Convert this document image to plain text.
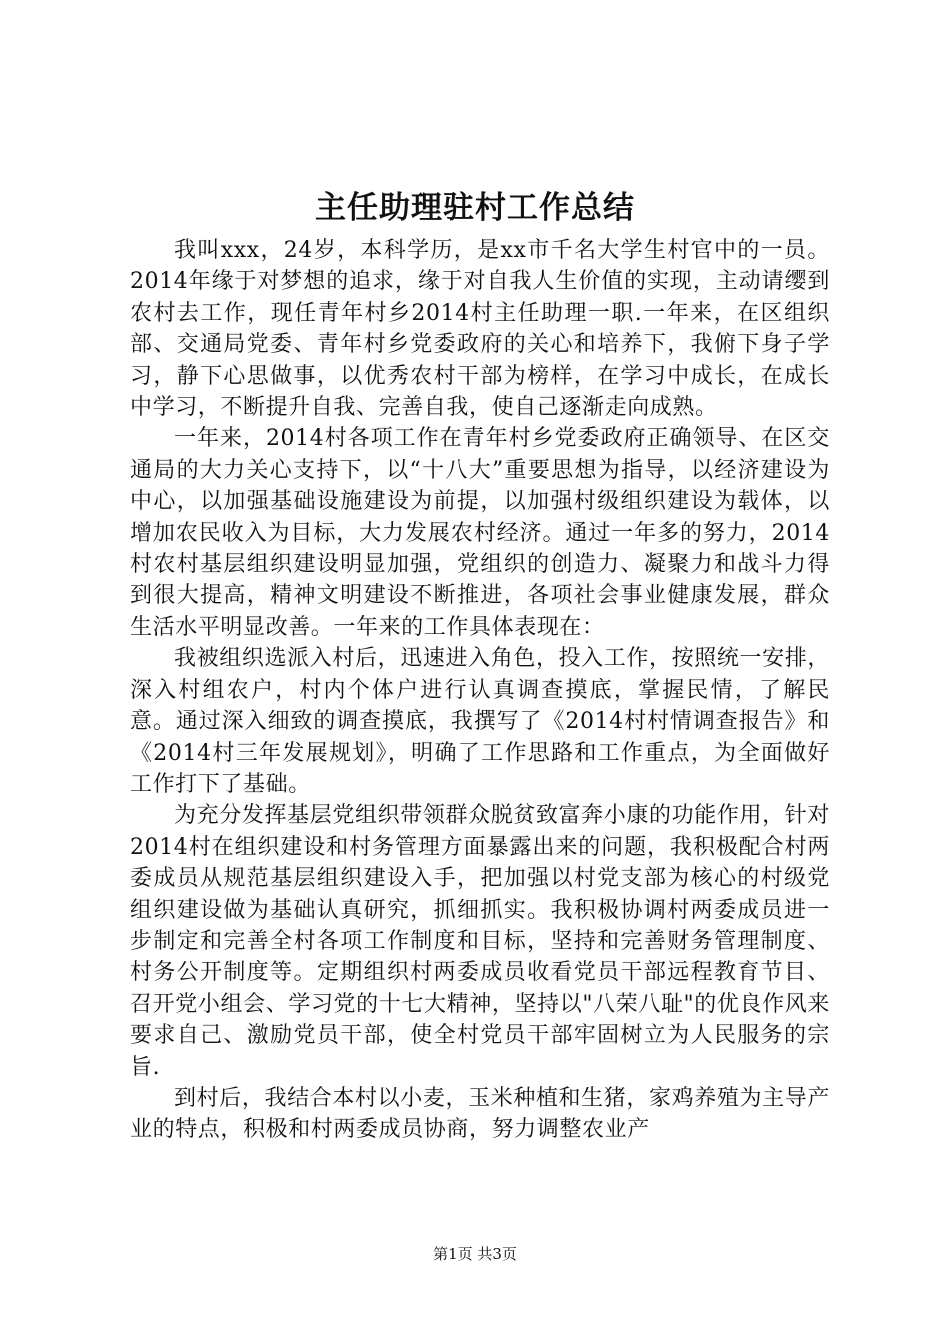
主任助理驻村工作总结

我叫xxx，24岁，本科学历，是xx市千名大学生村官中的一员。2014年缘于对梦想的追求，缘于对自我人生价值的实现，主动请缨到农村去工作，现任青年村乡2014村主任助理一职.一年来，在区组织部、交通局党委、青年村乡党委政府的关心和培养下，我俯下身子学习，静下心思做事，以优秀农村干部为榜样，在学习中成长，在成长中学习，不断提升自我、完善自我，使自己逐渐走向成熟。

一年来，2014村各项工作在青年村乡党委政府正确领导、在区交通局的大力关心支持下，以“十八大”重要思想为指导，以经济建设为中心，以加强基础设施建设为前提，以加强村级组织建设为载体，以增加农民收入为目标，大力发展农村经济。通过一年多的努力，2014村农村基层组织建设明显加强，党组织的创造力、凝聚力和战斗力得到很大提高，精神文明建设不断推进，各项社会事业健康发展，群众生活水平明显改善。一年来的工作具体表现在：

我被组织选派入村后，迅速进入角色，投入工作，按照统一安排，深入村组农户，村内个体户进行认真调查摸底，掌握民情，了解民意。通过深入细致的调查摸底，我撰写了《2014村村情调查报告》和《2014村三年发展规划》，明确了工作思路和工作重点，为全面做好工作打下了基础。

为充分发挥基层党组织带领群众脱贫致富奔小康的功能作用，针对2014村在组织建设和村务管理方面暴露出来的问题，我积极配合村两委成员从规范基层组织建设入手，把加强以村党支部为核心的村级党组织建设做为基础认真研究，抓细抓实。我积极协调村两委成员进一步制定和完善全村各项工作制度和目标，坚持和完善财务管理制度、村务公开制度等。定期组织村两委成员收看党员干部远程教育节目、召开党小组会、学习党的十七大精神，坚持以"八荣八耻"的优良作风来要求自己、激励党员干部，使全村党员干部牢固树立为人民服务的宗旨.

到村后，我结合本村以小麦，玉米种植和生猪，家鸡养殖为主导产业的特点，积极和村两委成员协商，努力调整农业产

第1页 共3页
